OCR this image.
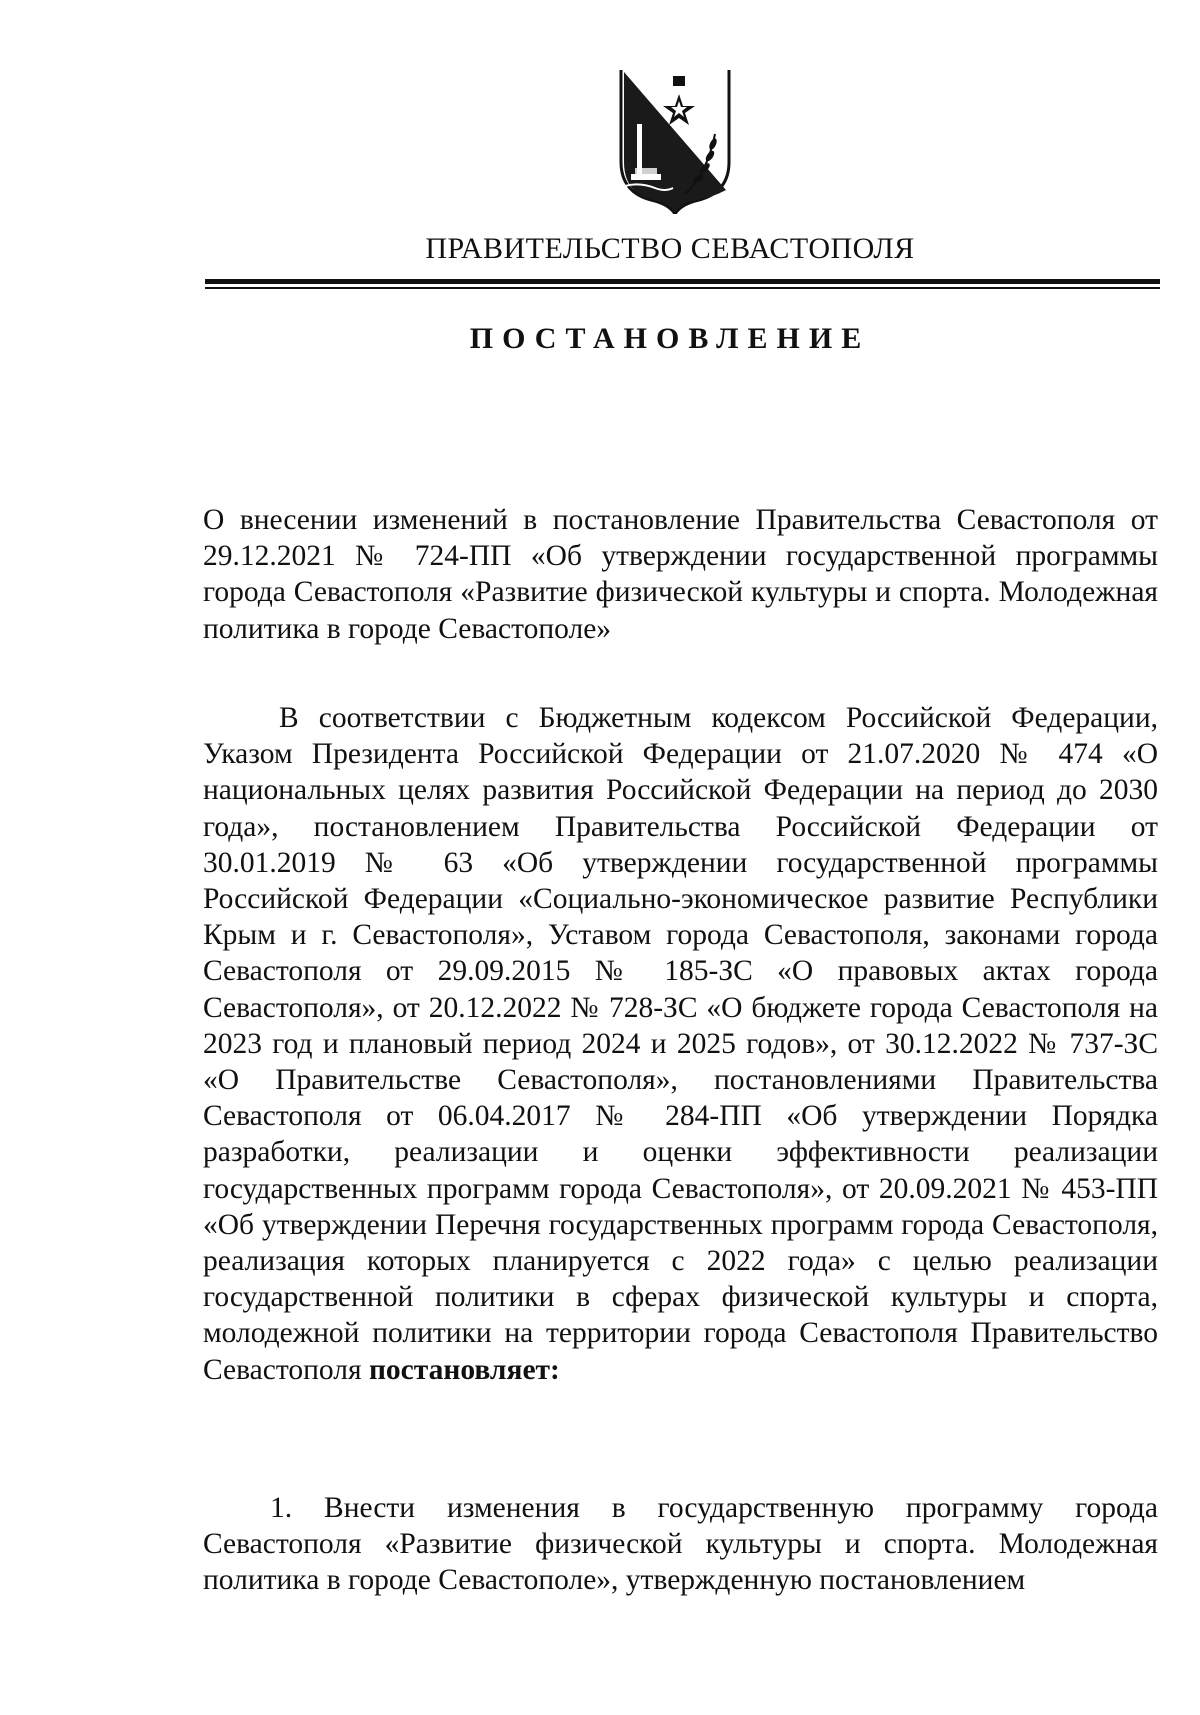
ПРАВИТЕЛЬСТВО СЕВАСТОПОЛЯ
ПОСТАНОВЛЕНИЕ

О внесении изменений в постановление Правительства Севастополя от 29.12.2021 № 724-ПП «Об утверждении государственной программы города Севастополя «Развитие физической культуры и спорта. Молодежная политика в городе Севастополе»

В соответствии с Бюджетным кодексом Российской Федерации, Указом Президента Российской Федерации от 21.07.2020 № 474 «О национальных целях развития Российской Федерации на период до 2030 года», постановлением Правительства Российской Федерации от 30.01.2019 № 63 «Об утверждении государственной программы Российской Федерации «Социально-экономическое развитие Республики Крым и г. Севастополя», Уставом города Севастополя, законами города Севастополя от 29.09.2015 № 185-ЗС «О правовых актах города Севастополя», от 20.12.2022 № 728-ЗС «О бюджете города Севастополя на 2023 год и плановый период 2024 и 2025 годов», от 30.12.2022 № 737-ЗС «О Правительстве Севастополя», постановлениями Правительства Севастополя от 06.04.2017 № 284-ПП «Об утверждении Порядка разработки, реализации и оценки эффективности реализации государственных программ города Севастополя», от 20.09.2021 № 453-ПП «Об утверждении Перечня государственных программ города Севастополя, реализация которых планируется с 2022 года» с целью реализации государственной политики в сферах физической культуры и спорта, молодежной политики на территории города Севастополя Правительство Севастополя постановляет:

1. Внести изменения в государственную программу города Севастополя «Развитие физической культуры и спорта. Молодежная политика в городе Севастополе», утвержденную постановлением
